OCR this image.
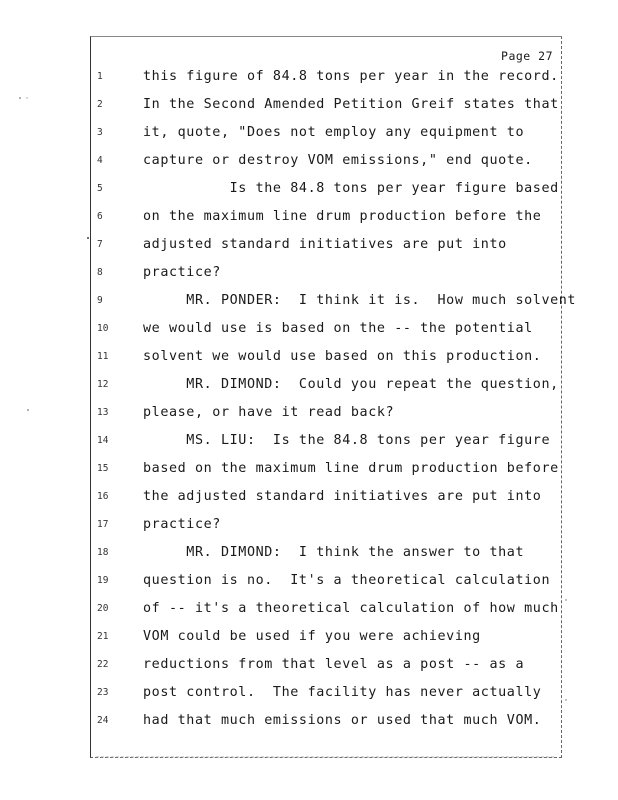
Page 27
1	this figure of 84.8 tons per year in the record.
2	In the Second Amended Petition Greif states that
3	it, quote, "Does not employ any equipment to
4	capture or destroy VOM emissions," end quote.
5	Is the 84.8 tons per year figure based
6	on the maximum line drum production before the
7	adjusted standard initiatives are put into
8	practice?
9	MR. PONDER:  I think it is.  How much solvent
10	we would use is based on the -- the potential
11	solvent we would use based on this production.
12	MR. DIMOND:  Could you repeat the question,
13	please, or have it read back?
14	MS. LIU:  Is the 84.8 tons per year figure
15	based on the maximum line drum production before
16	the adjusted standard initiatives are put into
17	practice?
18	MR. DIMOND:  I think the answer to that
19	question is no.  It's a theoretical calculation
20	of -- it's a theoretical calculation of how much
21	VOM could be used if you were achieving
22	reductions from that level as a post -- as a
23	post control.  The facility has never actually
24	had that much emissions or used that much VOM.
